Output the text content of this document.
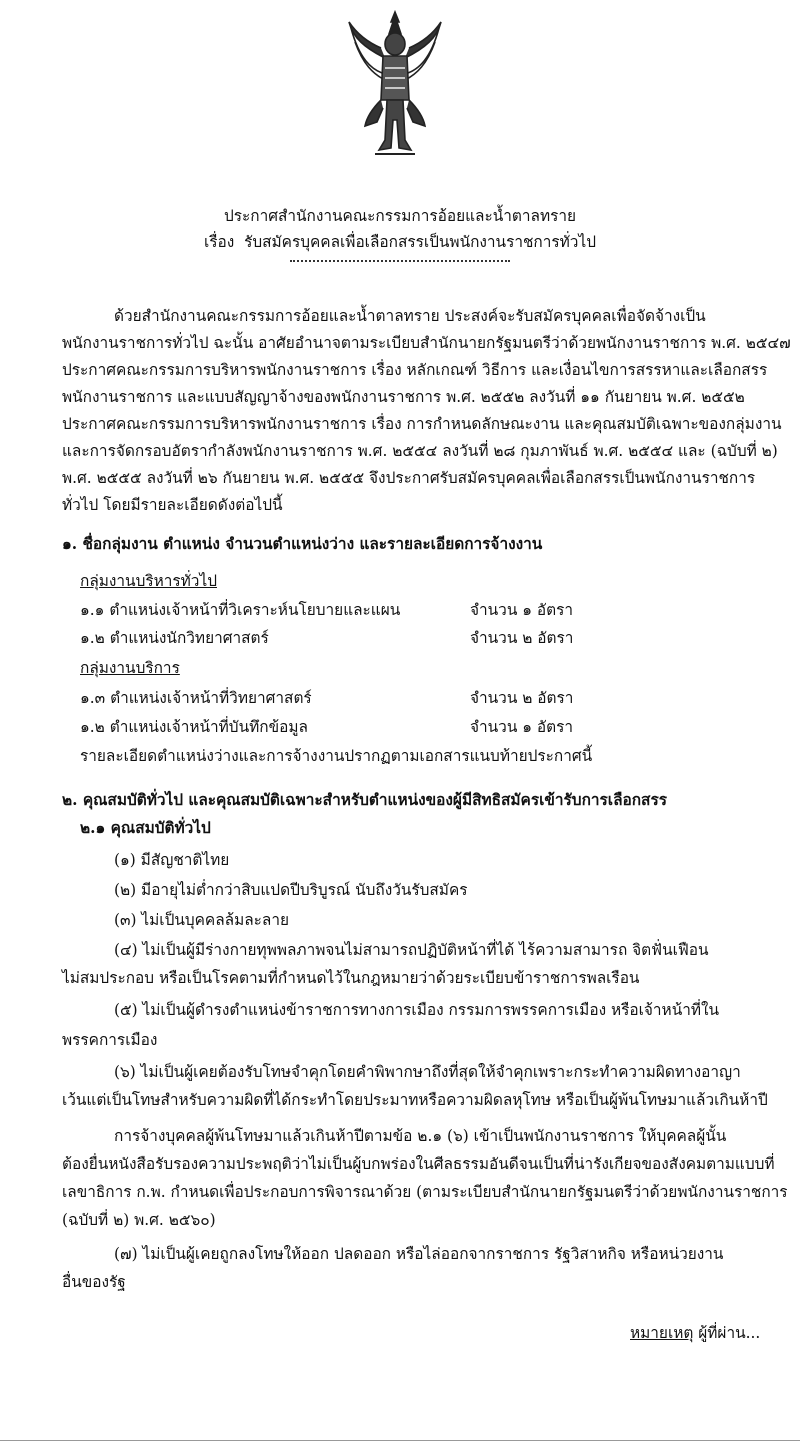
ประกาศสำนักงานคณะกรรมการอ้อยและน้ำตาลทราย
เรื่อง รับสมัครบุคคลเพื่อเลือกสรรเป็นพนักงานราชการทั่วไป
ด้วยสำนักงานคณะกรรมการอ้อยและน้ำตาลทราย ประสงค์จะรับสมัครบุคคลเพื่อจัดจ้างเป็น
พนักงานราชการทั่วไป ฉะนั้น อาศัยอำนาจตามระเบียบสำนักนายกรัฐมนตรีว่าด้วยพนักงานราชการ พ.ศ. ๒๕๔๗
ประกาศคณะกรรมการบริหารพนักงานราชการ เรื่อง หลักเกณฑ์ วิธีการ และเงื่อนไขการสรรหาและเลือกสรร
พนักงานราชการ และแบบสัญญาจ้างของพนักงานราชการ พ.ศ. ๒๕๕๒ ลงวันที่ ๑๑ กันยายน พ.ศ. ๒๕๕๒
ประกาศคณะกรรมการบริหารพนักงานราชการ เรื่อง การกำหนดลักษณะงาน และคุณสมบัติเฉพาะของกลุ่มงาน
และการจัดกรอบอัตรากำลังพนักงานราชการ พ.ศ. ๒๕๕๔ ลงวันที่ ๒๘ กุมภาพันธ์ พ.ศ. ๒๕๕๔ และ (ฉบับที่ ๒)
พ.ศ. ๒๕๕๕ ลงวันที่ ๒๖ กันยายน พ.ศ. ๒๕๕๕ จึงประกาศรับสมัครบุคคลเพื่อเลือกสรรเป็นพนักงานราชการ
ทั่วไป โดยมีรายละเอียดดังต่อไปนี้
๑. ชื่อกลุ่มงาน ตำแหน่ง จำนวนตำแหน่งว่าง และรายละเอียดการจ้างงาน
กลุ่มงานบริหารทั่วไป
๑.๑ ตำแหน่งเจ้าหน้าที่วิเคราะห์นโยบายและแผน	จำนวน ๑ อัตรา
๑.๒ ตำแหน่งนักวิทยาศาสตร์	จำนวน ๒ อัตรา
กลุ่มงานบริการ
๑.๓ ตำแหน่งเจ้าหน้าที่วิทยาศาสตร์	จำนวน ๒ อัตรา
๑.๒ ตำแหน่งเจ้าหน้าที่บันทึกข้อมูล	จำนวน ๑ อัตรา
รายละเอียดตำแหน่งว่างและการจ้างงานปรากฏตามเอกสารแนบท้ายประกาศนี้
๒. คุณสมบัติทั่วไป และคุณสมบัติเฉพาะสำหรับตำแหน่งของผู้มีสิทธิสมัครเข้ารับการเลือกสรร
๒.๑ คุณสมบัติทั่วไป
(๑) มีสัญชาติไทย
(๒) มีอายุไม่ต่ำกว่าสิบแปดปีบริบูรณ์ นับถึงวันรับสมัคร
(๓) ไม่เป็นบุคคลล้มละลาย
(๔) ไม่เป็นผู้มีร่างกายทุพพลภาพจนไม่สามารถปฏิบัติหน้าที่ได้ ไร้ความสามารถ จิตฟั่นเฟือน
ไม่สมประกอบ หรือเป็นโรคตามที่กำหนดไว้ในกฎหมายว่าด้วยระเบียบข้าราชการพลเรือน
(๕) ไม่เป็นผู้ดำรงตำแหน่งข้าราชการทางการเมือง กรรมการพรรคการเมือง หรือเจ้าหน้าที่ใน
พรรคการเมือง
(๖) ไม่เป็นผู้เคยต้องรับโทษจำคุกโดยคำพิพากษาถึงที่สุดให้จำคุกเพราะกระทำความผิดทางอาญา
เว้นแต่เป็นโทษสำหรับความผิดที่ได้กระทำโดยประมาทหรือความผิดลหุโทษ หรือเป็นผู้พ้นโทษมาแล้วเกินห้าปี
การจ้างบุคคลผู้พ้นโทษมาแล้วเกินห้าปีตามข้อ ๒.๑ (๖) เข้าเป็นพนักงานราชการ ให้บุคคลผู้นั้น
ต้องยื่นหนังสือรับรองความประพฤติว่าไม่เป็นผู้บกพร่องในศีลธรรมอันดีจนเป็นที่น่ารังเกียจของสังคมตามแบบที่
เลขาธิการ ก.พ. กำหนดเพื่อประกอบการพิจารณาด้วย (ตามระเบียบสำนักนายกรัฐมนตรีว่าด้วยพนักงานราชการ
(ฉบับที่ ๒) พ.ศ. ๒๕๖๐)
(๗) ไม่เป็นผู้เคยถูกลงโทษให้ออก ปลดออก หรือไล่ออกจากราชการ รัฐวิสาหกิจ หรือหน่วยงาน
อื่นของรัฐ
หมายเหตุ ผู้ที่ผ่าน...
